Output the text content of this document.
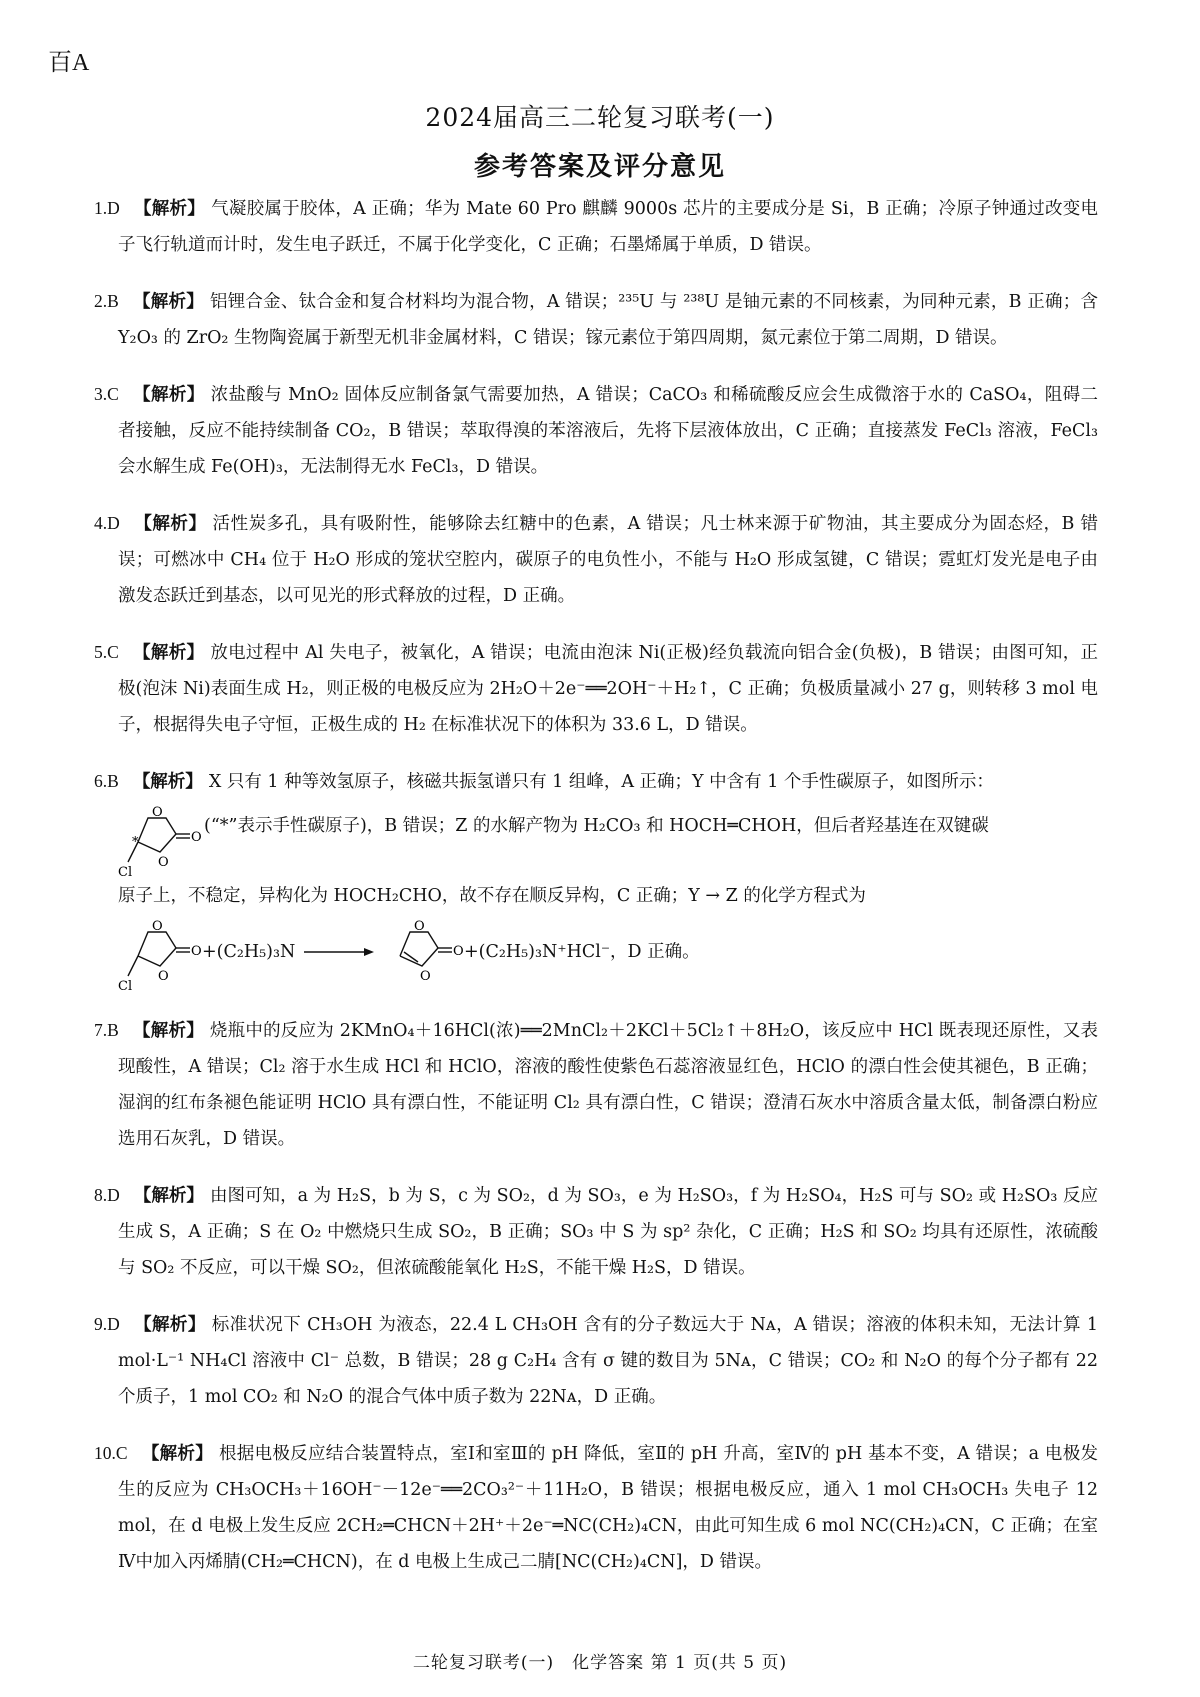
百A
2024届高三二轮复习联考(一)
参考答案及评分意见

1.D 【解析】 气凝胶属于胶体，A 正确；华为 Mate 60 Pro 麒麟 9000s 芯片的主要成分是 Si，B 正确；冷原子钟通过改变电子飞行轨道而计时，发生电子跃迁，不属于化学变化，C 正确；石墨烯属于单质，D 错误。

2.B 【解析】 铝锂合金、钛合金和复合材料均为混合物，A 错误；²³⁵U 与 ²³⁸U 是铀元素的不同核素，为同种元素，B 正确；含 Y₂O₃ 的 ZrO₂ 生物陶瓷属于新型无机非金属材料，C 错误；镓元素位于第四周期，氮元素位于第二周期，D 错误。

3.C 【解析】 浓盐酸与 MnO₂ 固体反应制备氯气需要加热，A 错误；CaCO₃ 和稀硫酸反应会生成微溶于水的 CaSO₄，阻碍二者接触，反应不能持续制备 CO₂，B 错误；萃取得溴的苯溶液后，先将下层液体放出，C 正确；直接蒸发 FeCl₃ 溶液，FeCl₃ 会水解生成 Fe(OH)₃，无法制得无水 FeCl₃，D 错误。

4.D 【解析】 活性炭多孔，具有吸附性，能够除去红糖中的色素，A 错误；凡士林来源于矿物油，其主要成分为固态烃，B 错误；可燃冰中 CH₄ 位于 H₂O 形成的笼状空腔内，碳原子的电负性小，不能与 H₂O 形成氢键，C 错误；霓虹灯发光是电子由激发态跃迁到基态，以可见光的形式释放的过程，D 正确。

5.C 【解析】 放电过程中 Al 失电子，被氧化，A 错误；电流由泡沫 Ni(正极)经负载流向铝合金(负极)，B 错误；由图可知，正极(泡沫 Ni)表面生成 H₂，则正极的电极反应为 2H₂O＋2e⁻══2OH⁻＋H₂↑，C 正确；负极质量减小 27 g，则转移 3 mol 电子，根据得失电子守恒，正极生成的 H₂ 在标准状况下的体积为 33.6 L，D 错误。

6.B 【解析】 X 只有 1 种等效氢原子，核磁共振氢谱只有 1 组峰，A 正确；Y 中含有 1 个手性碳原子，如图所示：

O
O
O
Cl
*
(“*”表示手性碳原子)，B 错误；Z 的水解产物为 H₂CO₃ 和 HOCH═CHOH，但后者羟基连在双键碳

原子上，不稳定，异构化为 HOCH₂CHO，故不存在顺反异构，C 正确；Y → Z 的化学方程式为

O
O
O
Cl
+(C₂H₅)₃N
O
O
O +(C₂H₅)₃N⁺HCl⁻，D 正确。

7.B 【解析】 烧瓶中的反应为 2KMnO₄＋16HCl(浓)══2MnCl₂＋2KCl＋5Cl₂↑＋8H₂O，该反应中 HCl 既表现还原性，又表现酸性，A 错误；Cl₂ 溶于水生成 HCl 和 HClO，溶液的酸性使紫色石蕊溶液显红色，HClO 的漂白性会使其褪色，B 正确；湿润的红布条褪色能证明 HClO 具有漂白性，不能证明 Cl₂ 具有漂白性，C 错误；澄清石灰水中溶质含量太低，制备漂白粉应选用石灰乳，D 错误。

8.D 【解析】 由图可知，a 为 H₂S，b 为 S，c 为 SO₂，d 为 SO₃，e 为 H₂SO₃，f 为 H₂SO₄，H₂S 可与 SO₂ 或 H₂SO₃ 反应生成 S，A 正确；S 在 O₂ 中燃烧只生成 SO₂，B 正确；SO₃ 中 S 为 sp² 杂化，C 正确；H₂S 和 SO₂ 均具有还原性，浓硫酸与 SO₂ 不反应，可以干燥 SO₂，但浓硫酸能氧化 H₂S，不能干燥 H₂S，D 错误。

9.D 【解析】 标准状况下 CH₃OH 为液态，22.4 L CH₃OH 含有的分子数远大于 Nᴀ，A 错误；溶液的体积未知，无法计算 1 mol·L⁻¹ NH₄Cl 溶液中 Cl⁻ 总数，B 错误；28 g C₂H₄ 含有 σ 键的数目为 5Nᴀ，C 错误；CO₂ 和 N₂O 的每个分子都有 22 个质子，1 mol CO₂ 和 N₂O 的混合气体中质子数为 22Nᴀ，D 正确。

10.C 【解析】 根据电极反应结合装置特点，室Ⅰ和室Ⅲ的 pH 降低，室Ⅱ的 pH 升高，室Ⅳ的 pH 基本不变，A 错误；a 电极发生的反应为 CH₃OCH₃＋16OH⁻－12e⁻══2CO₃²⁻＋11H₂O，B 错误；根据电极反应，通入 1 mol CH₃OCH₃ 失电子 12 mol，在 d 电极上发生反应 2CH₂═CHCN＋2H⁺＋2e⁻═NC(CH₂)₄CN，由此可知生成 6 mol NC(CH₂)₄CN，C 正确；在室Ⅳ中加入丙烯腈(CH₂═CHCN)，在 d 电极上生成己二腈[NC(CH₂)₄CN]，D 错误。

二轮复习联考(一)　化学答案 第 1 页(共 5 页)
